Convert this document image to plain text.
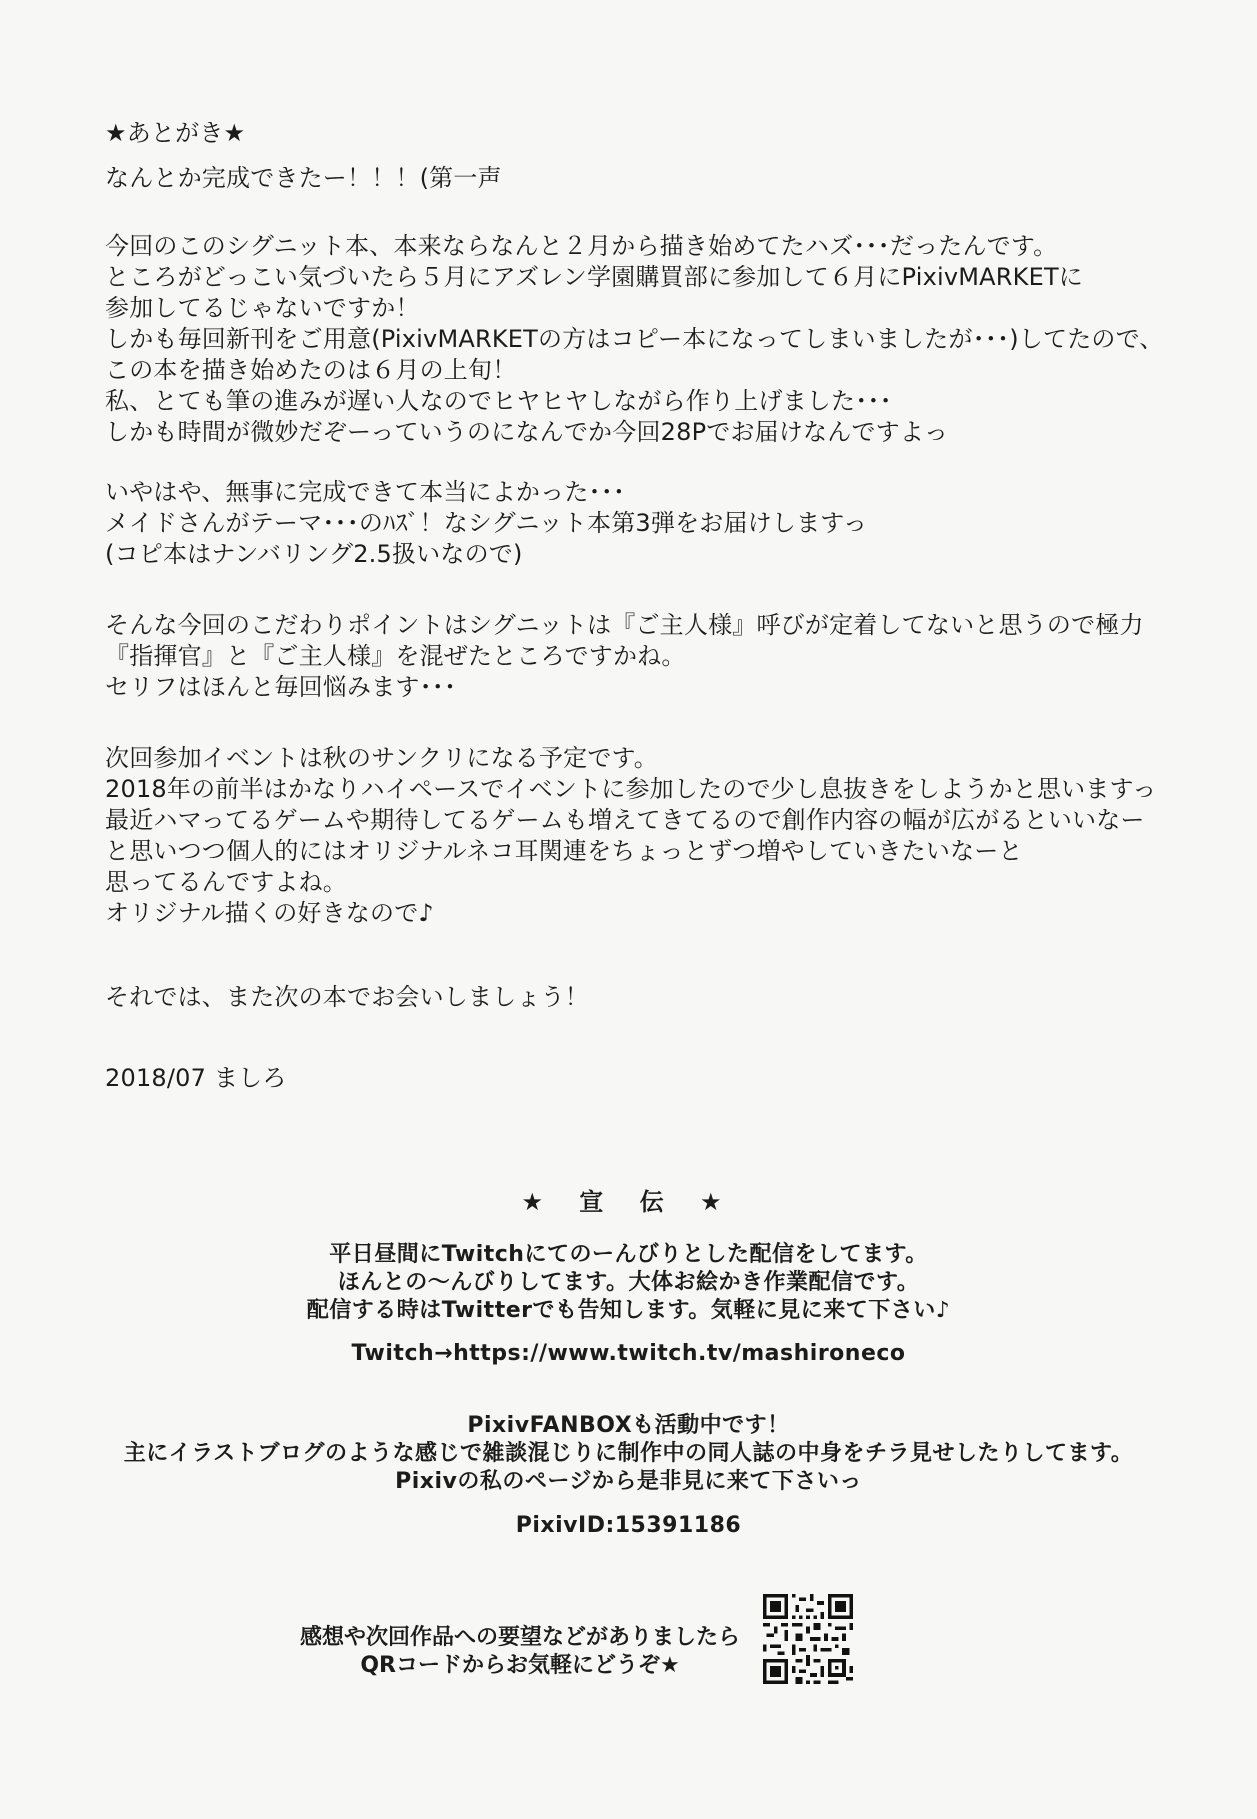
★あとがき★
なんとか完成できたー！！！(第一声
今回のこのシグニット本、本来ならなんと２月から描き始めてたハズ･･･だったんです。
ところがどっこい気づいたら５月にアズレン学園購買部に参加して６月にPixivMARKETに
参加してるじゃないですか！
しかも毎回新刊をご用意(PixivMARKETの方はコピー本になってしまいましたが･･･)してたので、
この本を描き始めたのは６月の上旬！
私、とても筆の進みが遅い人なのでヒヤヒヤしながら作り上げました･･･
しかも時間が微妙だぞーっていうのになんでか今回28Pでお届けなんですよっ
いやはや、無事に完成できて本当によかった･･･
メイドさんがテーマ･･･のﾊｽﾞ！なシグニット本第3弾をお届けしますっ
(コピ本はナンバリング2.5扱いなので)
そんな今回のこだわりポイントはシグニットは『ご主人様』呼びが定着してないと思うので極力
『指揮官』と『ご主人様』を混ぜたところですかね。
セリフはほんと毎回悩みます･･･
次回参加イベントは秋のサンクリになる予定です。
2018年の前半はかなりハイペースでイベントに参加したので少し息抜きをしようかと思いますっ
最近ハマってるゲームや期待してるゲームも増えてきてるので創作内容の幅が広がるといいなー
と思いつつ個人的にはオリジナルネコ耳関連をちょっとずつ増やしていきたいなーと
思ってるんですよね。
オリジナル描くの好きなので♪
それでは、また次の本でお会いしましょう！
2018/07 ましろ
★ 宣 伝 ★
平日昼間にTwitchにてのーんびりとした配信をしてます。
ほんとの～んびりしてます。大体お絵かき作業配信です。
配信する時はTwitterでも告知します。気軽に見に来て下さい♪
Twitch→https://www.twitch.tv/mashironeco
PixivFANBOXも活動中です！
主にイラストブログのような感じで雑談混じりに制作中の同人誌の中身をチラ見せしたりしてます。
Pixivの私のページから是非見に来て下さいっ
PixivID:15391186
感想や次回作品への要望などがありましたら
QRコードからお気軽にどうぞ★
